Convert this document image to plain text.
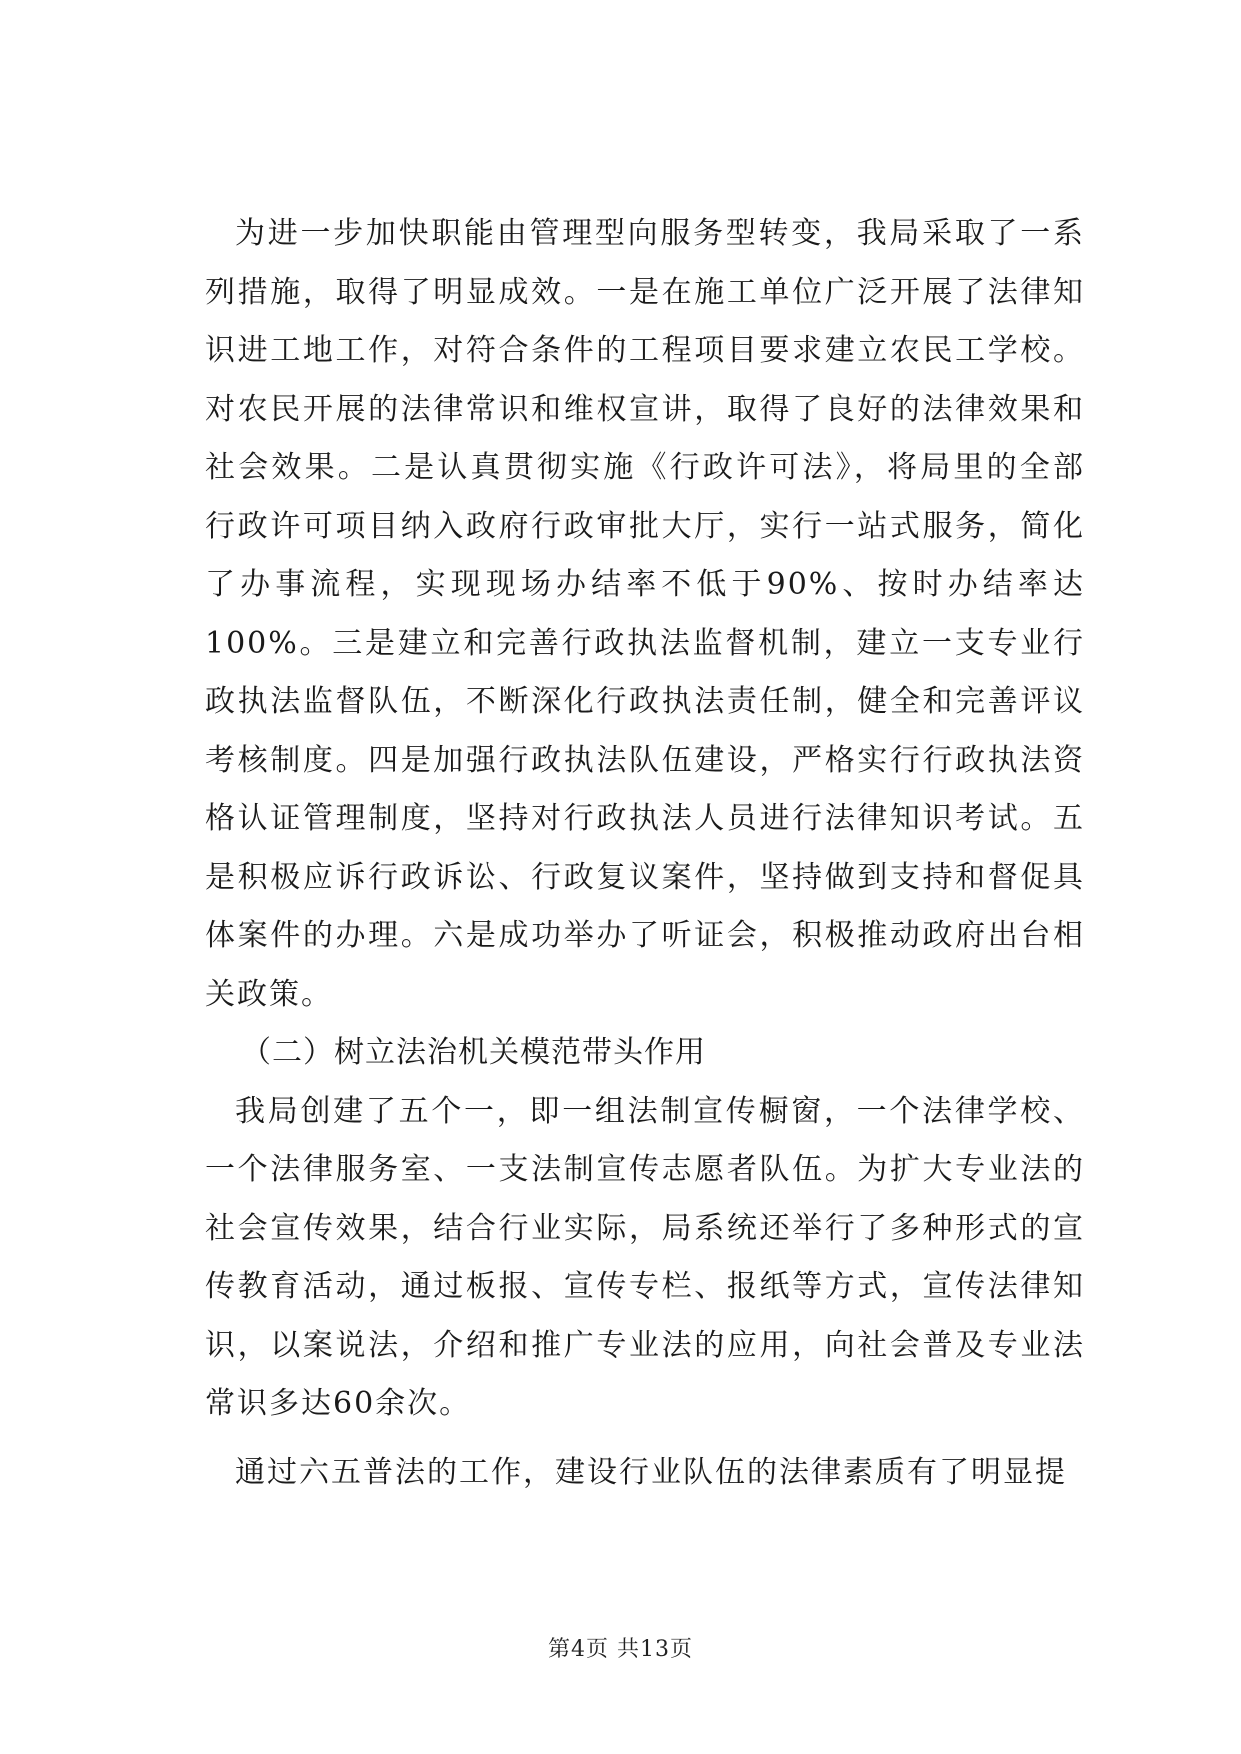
为进一步加快职能由管理型向服务型转变，我局采取了一系列措施，取得了明显成效。一是在施工单位广泛开展了法律知识进工地工作，对符合条件的工程项目要求建立农民工学校。对农民开展的法律常识和维权宣讲，取得了良好的法律效果和社会效果。二是认真贯彻实施《行政许可法》，将局里的全部行政许可项目纳入政府行政审批大厅，实行一站式服务，简化了办事流程，实现现场办结率不低于90%、按时办结率达100%。三是建立和完善行政执法监督机制，建立一支专业行政执法监督队伍，不断深化行政执法责任制，健全和完善评议考核制度。四是加强行政执法队伍建设，严格实行行政执法资格认证管理制度，坚持对行政执法人员进行法律知识考试。五是积极应诉行政诉讼、行政复议案件，坚持做到支持和督促具体案件的办理。六是成功举办了听证会，积极推动政府出台相关政策。

（二）树立法治机关模范带头作用

我局创建了五个一，即一组法制宣传橱窗，一个法律学校、一个法律服务室、一支法制宣传志愿者队伍。为扩大专业法的社会宣传效果，结合行业实际，局系统还举行了多种形式的宣传教育活动，通过板报、宣传专栏、报纸等方式，宣传法律知识，以案说法，介绍和推广专业法的应用，向社会普及专业法常识多达60余次。

通过六五普法的工作，建设行业队伍的法律素质有了明显提

第4页 共13页
